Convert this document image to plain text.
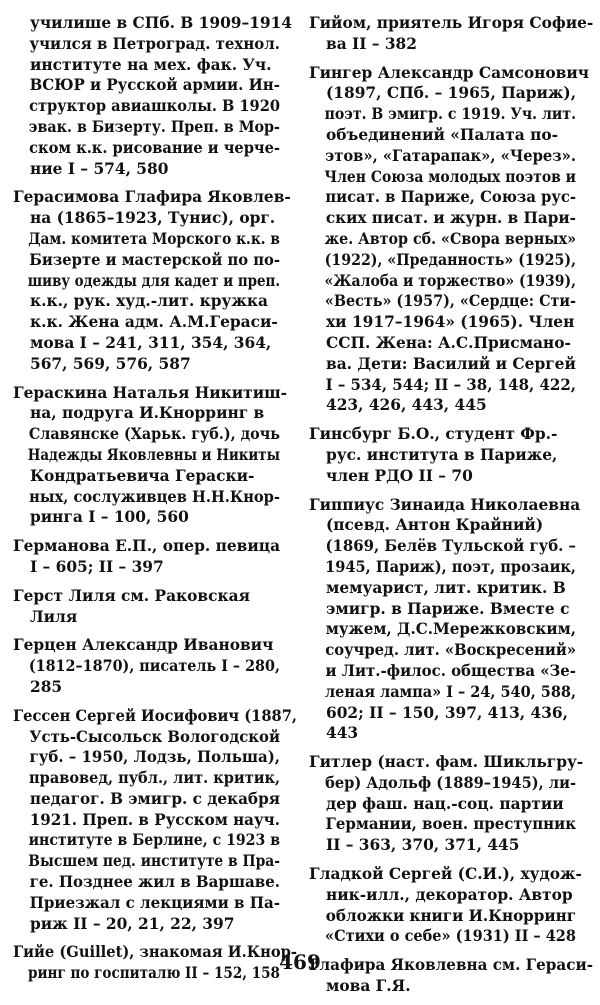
училише в СПб. В 1909–1914
учился в Петроград. технол.
институте на мех. фак. Уч.
ВСЮР и Русской армии. Ин-
структор авиашколы. В 1920
эвак. в Бизерту. Преп. в Мор-
ском к.к. рисование и черче-
ние I – 574, 580
Герасимова Глафира Яковлев-
на (1865–1923, Тунис), орг.
Дам. комитета Морского к.к. в
Бизерте и мастерской по по-
шиву одежды для кадет и преп.
к.к., рук. худ.-лит. кружка
к.к. Жена адм. А.М.Гераси-
мова I – 241, 311, 354, 364,
567, 569, 576, 587
Гераскина Наталья Никитиш-
на, подруга И.Кнорринг в
Славянске (Харьк. губ.), дочь
Надежды Яковлевны и Никиты
Кондратьевича Гераски-
ных, сослуживцев Н.Н.Кнор-
ринга I – 100, 560
Германова Е.П., опер. певица
I – 605; II – 397
Герст Лиля см. Раковская
Лиля
Герцен Александр Иванович
(1812–1870), писатель I – 280,
285
Гессен Сергей Иосифович (1887,
Усть-Сысольск Вологодской
губ. – 1950, Лодзь, Польша),
правовед, публ., лит. критик,
педагог. В эмигр. с декабря
1921. Преп. в Русском науч.
институте в Берлине, с 1923 в
Высшем пед. институте в Пра-
ге. Позднее жил в Варшаве.
Приезжал с лекциями в Па-
риж II – 20, 21, 22, 397
Гийе (Guillet), знакомая И.Кнор-
ринг по госпиталю II – 152, 158
Гийом, приятель Игоря Софие-
ва II – 382
Гингер Александр Самсонович
(1897, СПб. – 1965, Париж),
поэт. В эмигр. с 1919. Уч. лит.
объединений «Палата по-
этов», «Гатарапак», «Через».
Член Союза молодых поэтов и
писат. в Париже, Союза рус-
ских писат. и журн. в Пари-
же. Автор сб. «Свора верных»
(1922), «Преданность» (1925),
«Жалоба и торжество» (1939),
«Весть» (1957), «Сердце: Сти-
хи 1917–1964» (1965). Член
ССП. Жена: А.С.Присмано-
ва. Дети: Василий и Сергей
I – 534, 544; II – 38, 148, 422,
423, 426, 443, 445
Гинсбург Б.О., студент Фр.-
рус. института в Париже,
член РДО II – 70
Гиппиус Зинаида Николаевна
(псевд. Антон Крайний)
(1869, Белёв Тульской губ. –
1945, Париж), поэт, прозаик,
мемуарист, лит. критик. В
эмигр. в Париже. Вместе с
мужем, Д.С.Мережковским,
соучред. лит. «Воскресений»
и Лит.-филос. общества «Зе-
леная лампа» I – 24, 540, 588,
602; II – 150, 397, 413, 436,
443
Гитлер (наст. фам. Шикльгру-
бер) Адольф (1889–1945), ли-
дер фаш. нац.-соц. партии
Германии, воен. преступник
II – 363, 370, 371, 445
Гладкой Сергей (С.И.), худож-
ник-илл., декоратор. Автор
обложки книги И.Кнорринг
«Стихи о себе» (1931) II – 428
Глафира Яковлевна см. Гераси-
мова Г.Я.
469
